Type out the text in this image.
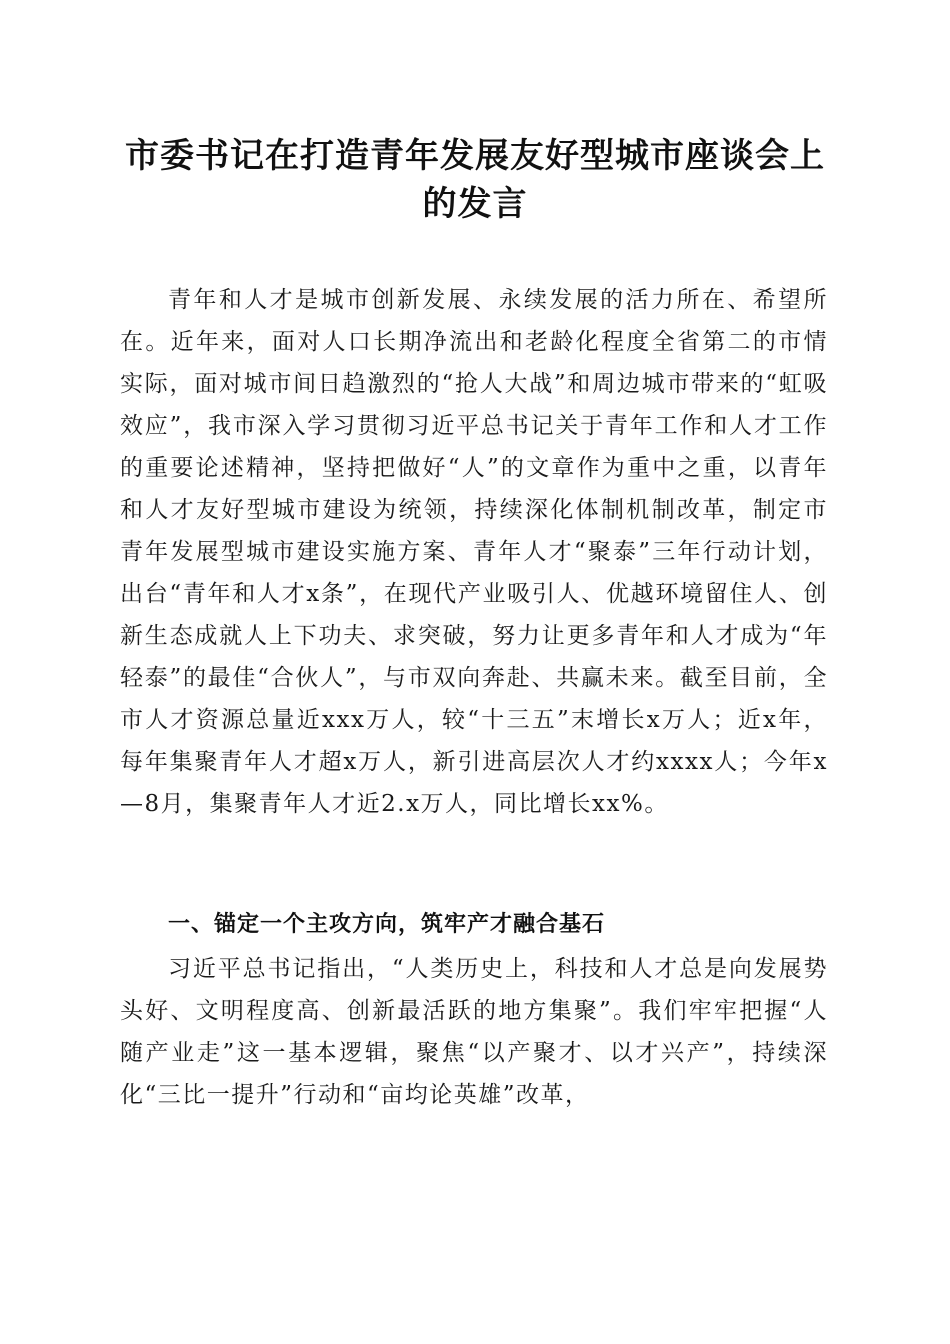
市委书记在打造青年发展友好型城市座谈会上的发言

青年和人才是城市创新发展、永续发展的活力所在、希望所在。近年来，面对人口长期净流出和老龄化程度全省第二的市情实际，面对城市间日趋激烈的“抢人大战”和周边城市带来的“虹吸效应”，我市深入学习贯彻习近平总书记关于青年工作和人才工作的重要论述精神，坚持把做好“人”的文章作为重中之重，以青年和人才友好型城市建设为统领，持续深化体制机制改革，制定市青年发展型城市建设实施方案、青年人才“聚泰”三年行动计划，出台“青年和人才x条”，在现代产业吸引人、优越环境留住人、创新生态成就人上下功夫、求突破，努力让更多青年和人才成为“年轻泰”的最佳“合伙人”，与市双向奔赴、共赢未来。截至目前，全市人才资源总量近xxx万人，较“十三五”末增长x万人；近x年，每年集聚青年人才超x万人，新引进高层次人才约xxxx人；今年x—8月，集聚青年人才近2.x万人，同比增长xx%。

一、锚定一个主攻方向，筑牢产才融合基石

习近平总书记指出，“人类历史上，科技和人才总是向发展势头好、文明程度高、创新最活跃的地方集聚”。我们牢牢把握“人随产业走”这一基本逻辑，聚焦“以产聚才、以才兴产”，持续深化“三比一提升”行动和“亩均论英雄”改革，
